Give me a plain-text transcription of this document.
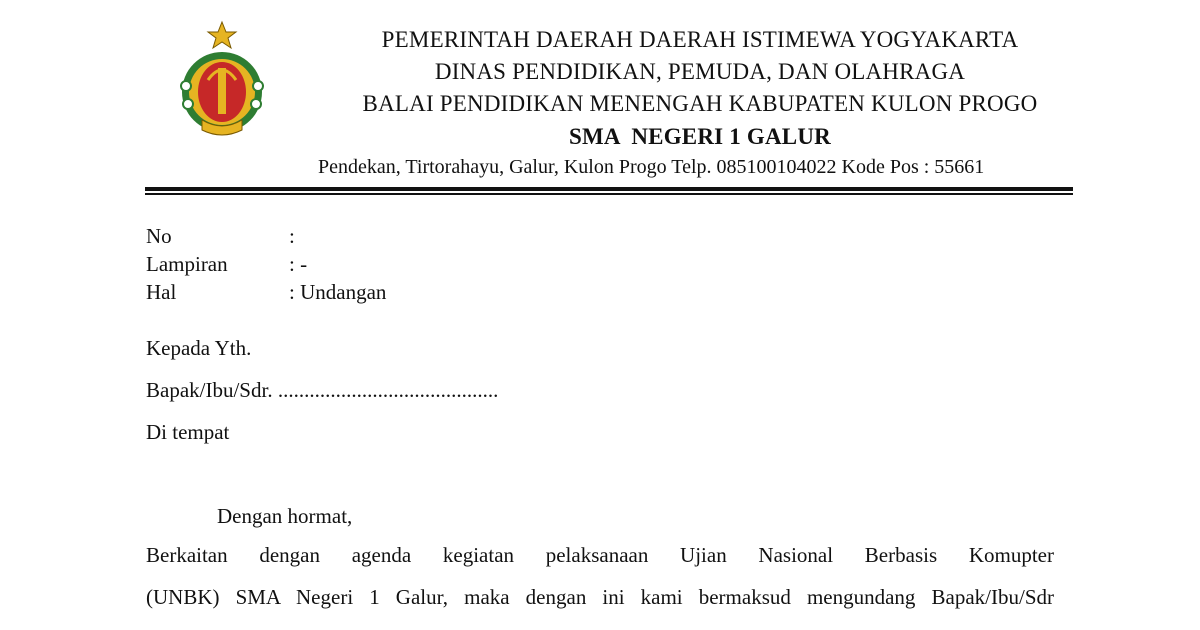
PEMERINTAH DAERAH DAERAH ISTIMEWA YOGYAKARTA
DINAS PENDIDIKAN, PEMUDA, DAN OLAHRAGA
BALAI PENDIDIKAN MENENGAH KABUPATEN KULON PROGO
SMA  NEGERI 1 GALUR
Pendekan, Tirtorahayu, Galur, Kulon Progo Telp. 085100104022 Kode Pos : 55661
No	:
Lampiran	: -
Hal	: Undangan
Kepada Yth.
Bapak/Ibu/Sdr. ..........................................
Di tempat
Dengan hormat,
Berkaitan dengan agenda kegiatan pelaksanaan Ujian Nasional Berbasis Komupter
(UNBK) SMA Negeri 1 Galur, maka dengan ini kami bermaksud mengundang Bapak/Ibu/Sdr
